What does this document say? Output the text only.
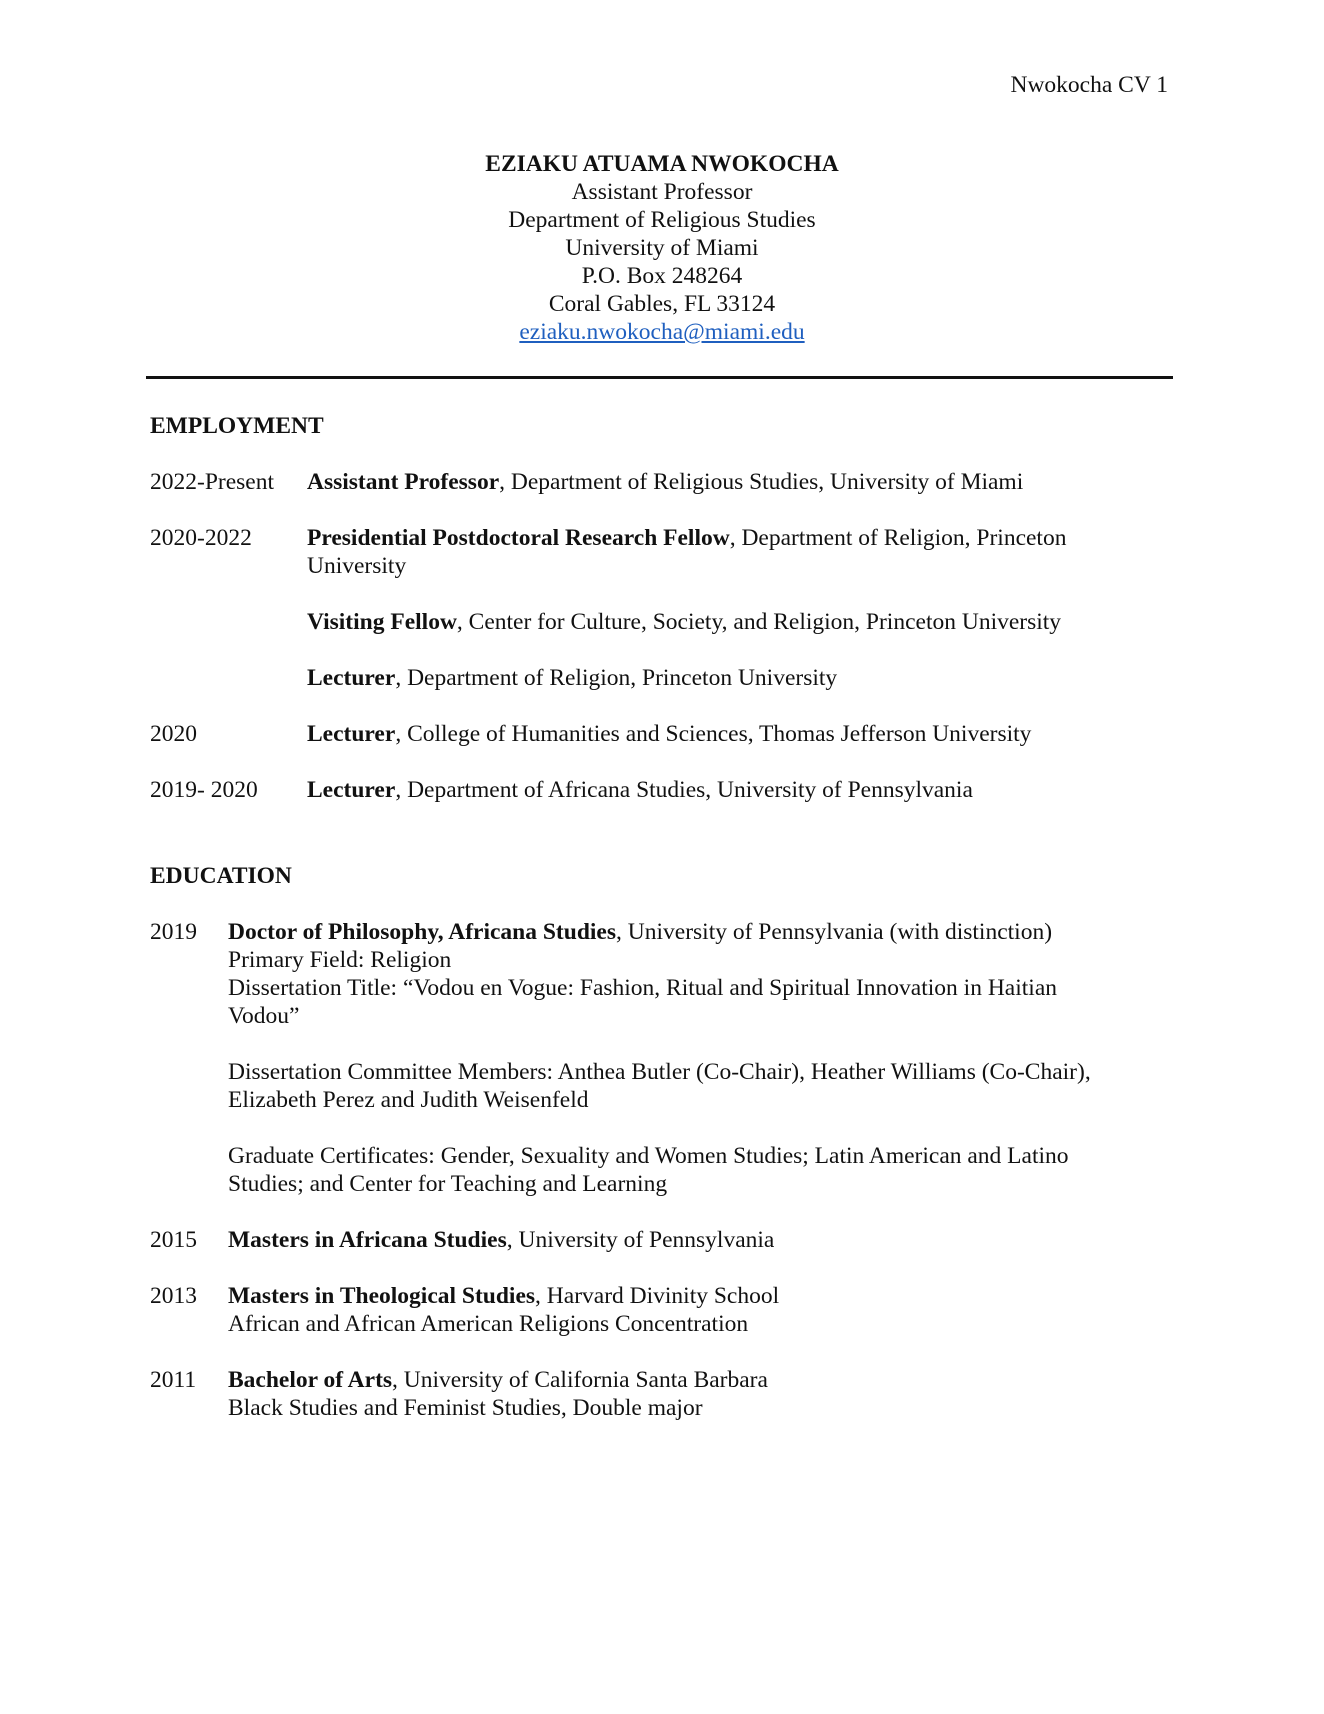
Nwokocha CV 1
EZIAKU ATUAMA NWOKOCHA
Assistant Professor
Department of Religious Studies
University of Miami
P.O. Box 248264
Coral Gables, FL 33124
eziaku.nwokocha@miami.edu
EMPLOYMENT
2022-Present Assistant Professor, Department of Religious Studies, University of Miami

2020-2022 Presidential Postdoctoral Research Fellow, Department of Religion, Princeton University

Visiting Fellow, Center for Culture, Society, and Religion, Princeton University

Lecturer, Department of Religion, Princeton University

2020	Lecturer, College of Humanities and Sciences, Thomas Jefferson University

2019- 2020 Lecturer, Department of Africana Studies, University of Pennsylvania

EDUCATION
2019 Doctor of Philosophy, Africana Studies, University of Pennsylvania (with distinction)

Primary Field: Religion

Dissertation Title: “Vodou en Vogue: Fashion, Ritual and Spiritual Innovation in Haitian Vodou”

Dissertation Committee Members: Anthea Butler (Co-Chair), Heather Williams (Co-Chair), Elizabeth Perez and Judith Weisenfeld

Graduate Certificates: Gender, Sexuality and Women Studies; Latin American and Latino Studies; and Center for Teaching and Learning

2015 Masters in Africana Studies, University of Pennsylvania

2013 Masters in Theological Studies, Harvard Divinity School

African and African American Religions Concentration

2011 Bachelor of Arts, University of California Santa Barbara

Black Studies and Feminist Studies, Double major
